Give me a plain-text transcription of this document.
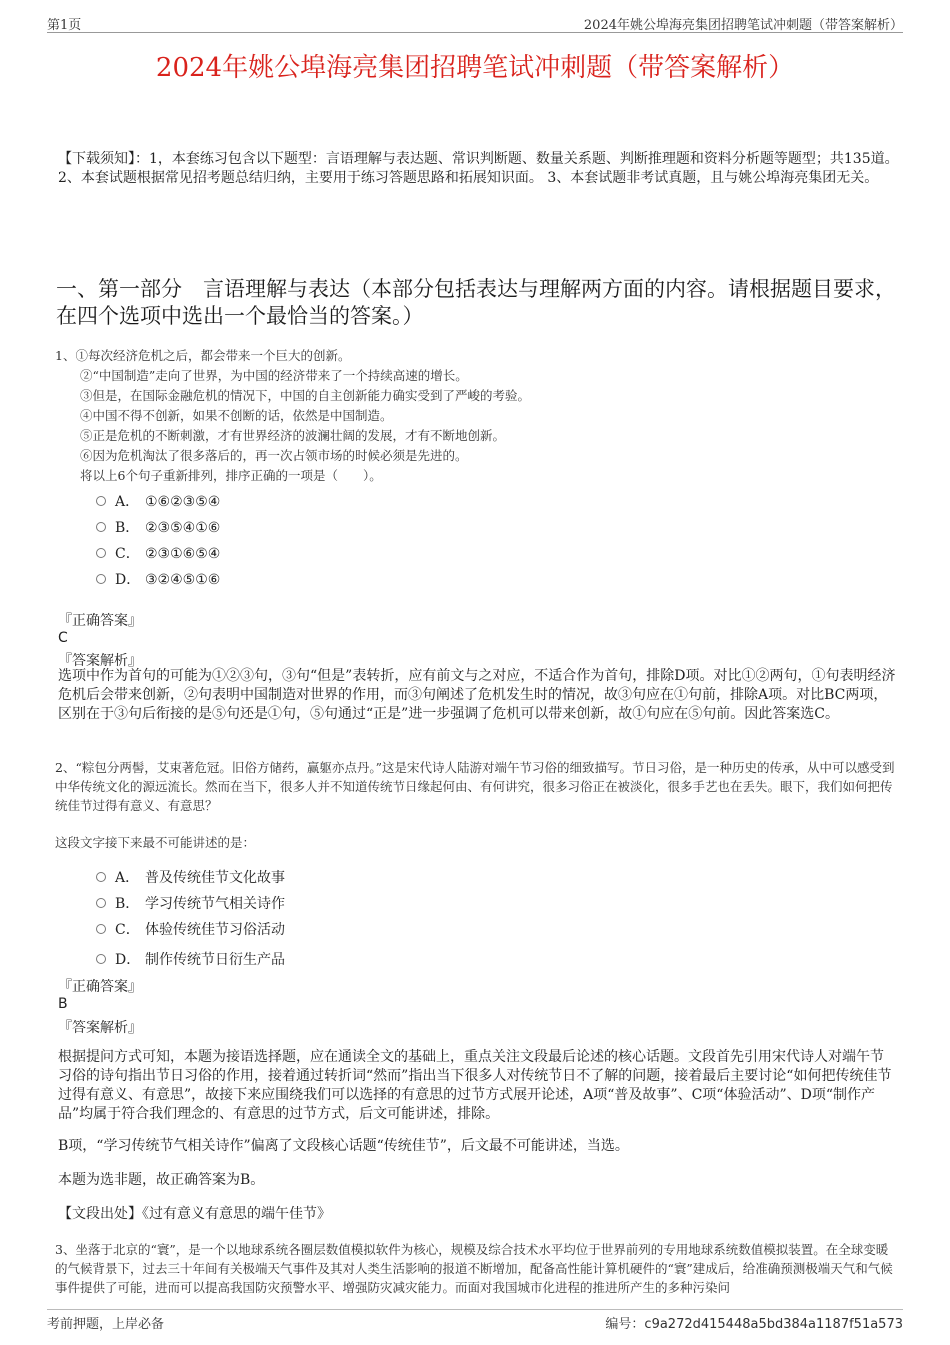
第1页	2024年姚公埠海亮集团招聘笔试冲刺题（带答案解析）
2024年姚公埠海亮集团招聘笔试冲刺题（带答案解析）
【下载须知】：1，本套练习包含以下题型：言语理解与表达题、常识判断题、数量关系题、判断推理题和资料分析题等题型；共135道。 2、本套试题根据常见招考题总结归纳，主要用于练习答题思路和拓展知识面。 3、本套试题非考试真题，且与姚公埠海亮集团无关。
一、第一部分　言语理解与表达（本部分包括表达与理解两方面的内容。请根据题目要求，在四个选项中选出一个最恰当的答案。）
1、①每次经济危机之后，都会带来一个巨大的创新。
②“中国制造”走向了世界，为中国的经济带来了一个持续高速的增长。
③但是，在国际金融危机的情况下，中国的自主创新能力确实受到了严峻的考验。
④中国不得不创新，如果不创断的话，依然是中国制造。
⑤正是危机的不断刺激，才有世界经济的波澜壮阔的发展，才有不断地创新。
⑥因为危机淘汰了很多落后的，再一次占领市场的时候必须是先进的。
将以上6个句子重新排列，排序正确的一项是（　　）。
A． ①⑥②③⑤④
B． ②③⑤④①⑥
C． ②③①⑥⑤④
D． ③②④⑤①⑥
『正确答案』
C
『答案解析』
选项中作为首句的可能为①②③句，③句“但是”表转折，应有前文与之对应，不适合作为首句，排除D项。对比①②两句，①句表明经济危机后会带来创新，②句表明中国制造对世界的作用，而③句阐述了危机发生时的情况，故③句应在①句前，排除A项。对比BC两项，区别在于③句后衔接的是⑤句还是①句，⑤句通过“正是”进一步强调了危机可以带来创新，故①句应在⑤句前。因此答案选C。
2、“粽包分两髻，艾束著危冠。旧俗方储药，赢躯亦点丹。”这是宋代诗人陆游对端午节习俗的细致描写。节日习俗，是一种历史的传承，从中可以感受到中华传统文化的源远流长。然而在当下，很多人并不知道传统节日缘起何由、有何讲究，很多习俗正在被淡化，很多手艺也在丢失。眼下，我们如何把传统佳节过得有意义、有意思？
这段文字接下来最不可能讲述的是：
A． 普及传统佳节文化故事
B． 学习传统节气相关诗作
C． 体验传统佳节习俗活动
D． 制作传统节日衍生产品
『正确答案』
B
『答案解析』
根据提问方式可知，本题为接语选择题，应在通读全文的基础上，重点关注文段最后论述的核心话题。文段首先引用宋代诗人对端午节习俗的诗句指出节日习俗的作用，接着通过转折词“然而”指出当下很多人对传统节日不了解的问题，接着最后主要讨论“如何把传统佳节过得有意义、有意思”，故接下来应围绕我们可以选择的有意思的过节方式展开论述，A项“普及故事”、C项“体验活动”、D项“制作产品”均属于符合我们理念的、有意思的过节方式，后文可能讲述，排除。
B项，“学习传统节气相关诗作”偏离了文段核心话题“传统佳节”，后文最不可能讲述，当选。
本题为选非题，故正确答案为B。
【文段出处】《过有意义有意思的端午佳节》
3、坐落于北京的“寰”，是一个以地球系统各圈层数值模拟软件为核心，规模及综合技术水平均位于世界前列的专用地球系统数值模拟装置。在全球变暖的气候背景下，过去三十年间有关极端天气事件及其对人类生活影响的报道不断增加，配备高性能计算机硬件的“寰”建成后，给准确预测极端天气和气候事件提供了可能，进而可以提高我国防灾预警水平、增强防灾减灾能力。而面对我国城市化进程的推进所产生的多种污染问
考前押题，上岸必备	编号：c9a272d415448a5bd384a1187f51a573
